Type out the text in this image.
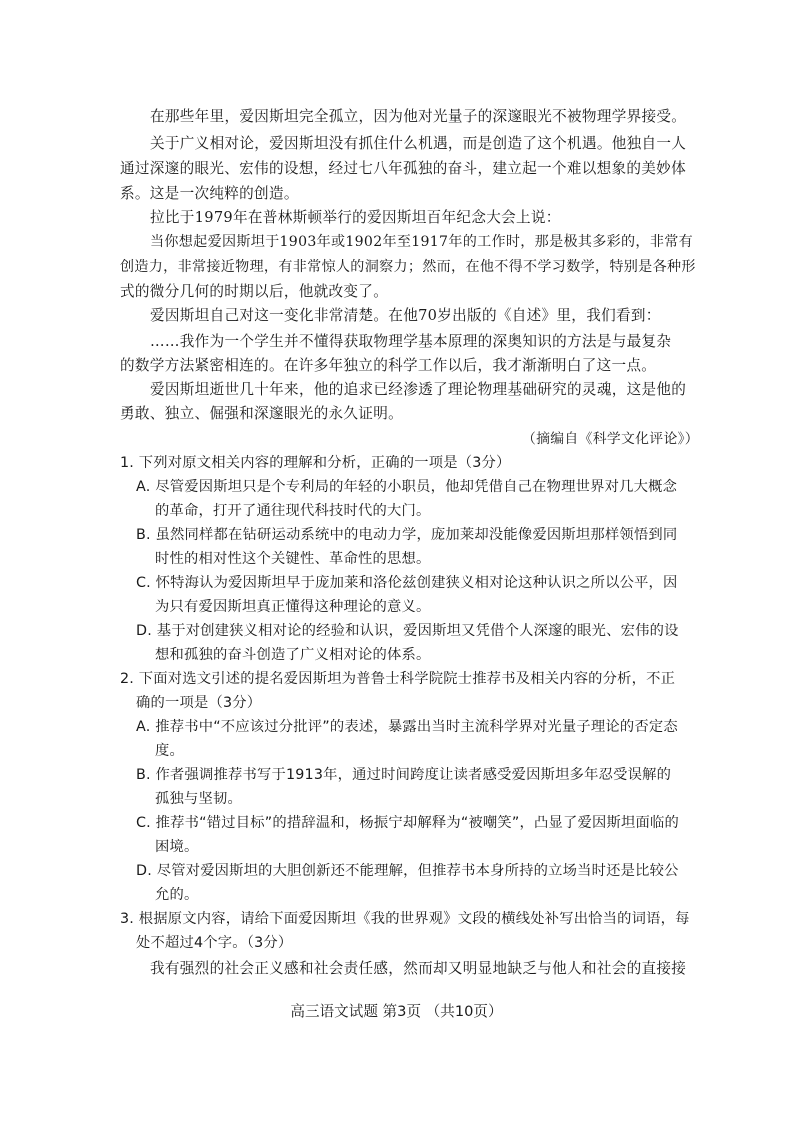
在那些年里，爱因斯坦完全孤立，因为他对光量子的深邃眼光不被物理学界接受。
关于广义相对论，爱因斯坦没有抓住什么机遇，而是创造了这个机遇。他独自一人
通过深邃的眼光、宏伟的设想，经过七八年孤独的奋斗，建立起一个难以想象的美妙体
系。这是一次纯粹的创造。
拉比于1979年在普林斯顿举行的爱因斯坦百年纪念大会上说：
当你想起爱因斯坦于1903年或1902年至1917年的工作时，那是极其多彩的，非常有
创造力，非常接近物理，有非常惊人的洞察力；然而，在他不得不学习数学，特别是各种形
式的微分几何的时期以后，他就改变了。
爱因斯坦自己对这一变化非常清楚。在他70岁出版的《自述》里，我们看到：
……我作为一个学生并不懂得获取物理学基本原理的深奥知识的方法是与最复杂
的数学方法紧密相连的。在许多年独立的科学工作以后，我才渐渐明白了这一点。
爱因斯坦逝世几十年来，他的追求已经渗透了理论物理基础研究的灵魂，这是他的
勇敢、独立、倔强和深邃眼光的永久证明。
（摘编自《科学文化评论》）
1. 下列对原文相关内容的理解和分析，正确的一项是（3分）
A. 尽管爱因斯坦只是个专利局的年轻的小职员，他却凭借自己在物理世界对几大概念
的革命，打开了通往现代科技时代的大门。
B. 虽然同样都在钻研运动系统中的电动力学，庞加莱却没能像爱因斯坦那样领悟到同
时性的相对性这个关键性、革命性的思想。
C. 怀特海认为爱因斯坦早于庞加莱和洛伦兹创建狭义相对论这种认识之所以公平，因
为只有爱因斯坦真正懂得这种理论的意义。
D. 基于对创建狭义相对论的经验和认识，爱因斯坦又凭借个人深邃的眼光、宏伟的设
想和孤独的奋斗创造了广义相对论的体系。
2. 下面对选文引述的提名爱因斯坦为普鲁士科学院院士推荐书及相关内容的分析，不正
确的一项是（3分）
A. 推荐书中“不应该过分批评”的表述，暴露出当时主流科学界对光量子理论的否定态
度。
B. 作者强调推荐书写于1913年，通过时间跨度让读者感受爱因斯坦多年忍受误解的
孤独与坚韧。
C. 推荐书“错过目标”的措辞温和，杨振宁却解释为“被嘲笑”，凸显了爱因斯坦面临的
困境。
D. 尽管对爱因斯坦的大胆创新还不能理解，但推荐书本身所持的立场当时还是比较公
允的。
3. 根据原文内容，请给下面爱因斯坦《我的世界观》文段的横线处补写出恰当的词语，每
处不超过4个字。（3分）
我有强烈的社会正义感和社会责任感，然而却又明显地缺乏与他人和社会的直接接
高三语文试题 第3页 （共10页）
